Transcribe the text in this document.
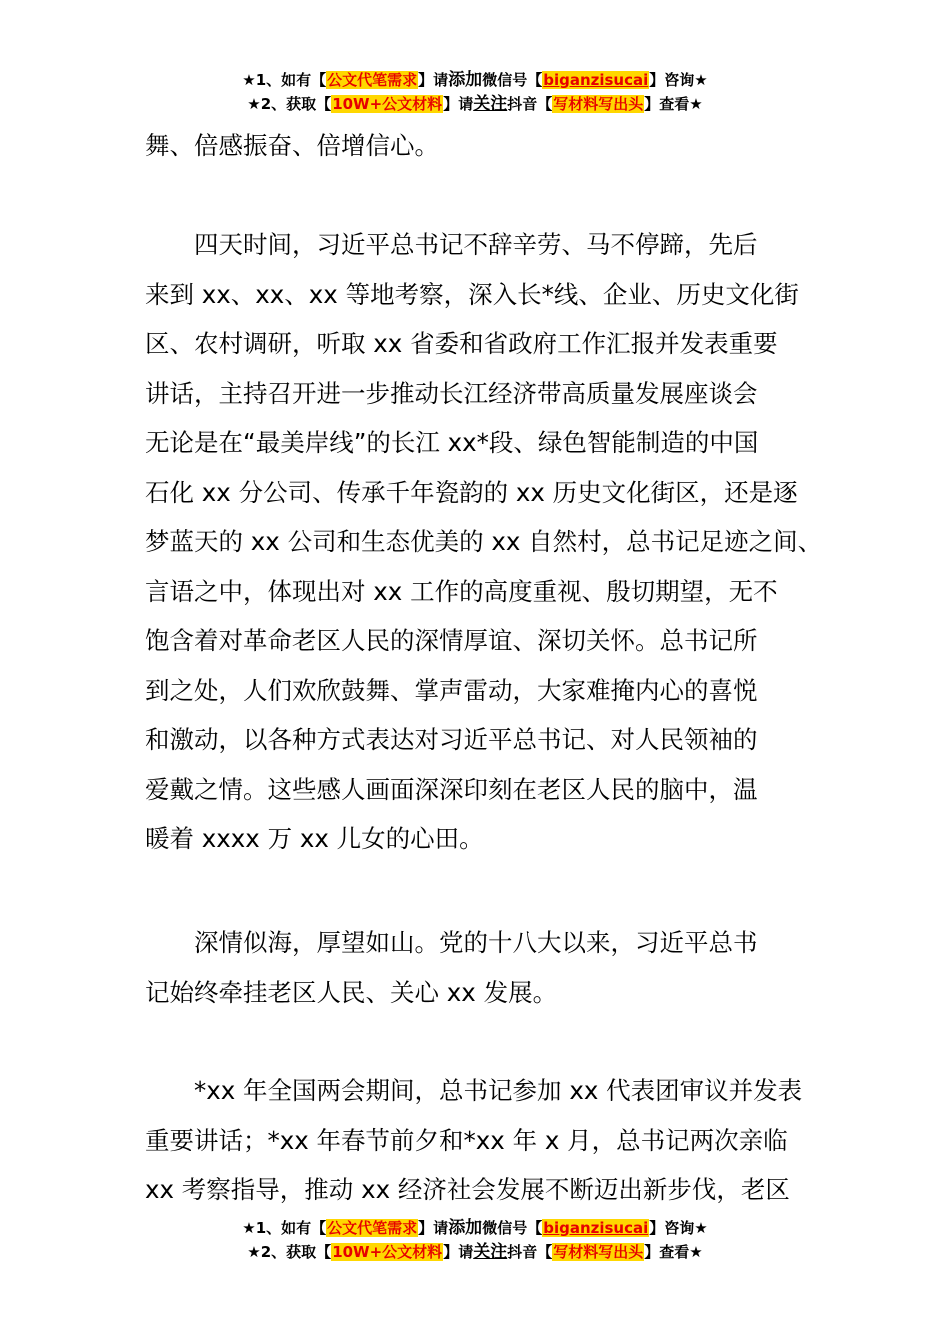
★1、如有【公文代笔需求】请添加微信号【biganzisucai】咨询★
★2、获取【10W+公文材料】请关注抖音【写材料写出头】查看★
舞、倍感振奋、倍增信心。
　　四天时间，习近平总书记不辞辛劳、马不停蹄，先后
来到 xx、xx、xx 等地考察，深入长*线、企业、历史文化街
区、农村调研，听取 xx 省委和省政府工作汇报并发表重要
讲话，主持召开进一步推动长江经济带高质量发展座谈会
无论是在“最美岸线”的长江 xx*段、绿色智能制造的中国
石化 xx 分公司、传承千年瓷韵的 xx 历史文化街区，还是逐
梦蓝天的 xx 公司和生态优美的 xx 自然村，总书记足迹之间、
言语之中，体现出对 xx 工作的高度重视、殷切期望，无不
饱含着对革命老区人民的深情厚谊、深切关怀。总书记所
到之处，人们欢欣鼓舞、掌声雷动，大家难掩内心的喜悦
和激动，以各种方式表达对习近平总书记、对人民领袖的
爱戴之情。这些感人画面深深印刻在老区人民的脑中，温
暖着 xxxx 万 xx 儿女的心田。
　　深情似海，厚望如山。党的十八大以来，习近平总书
记始终牵挂老区人民、关心 xx 发展。
　　*xx 年全国两会期间，总书记参加 xx 代表团审议并发表
重要讲话；*xx 年春节前夕和*xx 年 x 月，总书记两次亲临
xx 考察指导，推动 xx 经济社会发展不断迈出新步伐，老区
★1、如有【公文代笔需求】请添加微信号【biganzisucai】咨询★
★2、获取【10W+公文材料】请关注抖音【写材料写出头】查看★
